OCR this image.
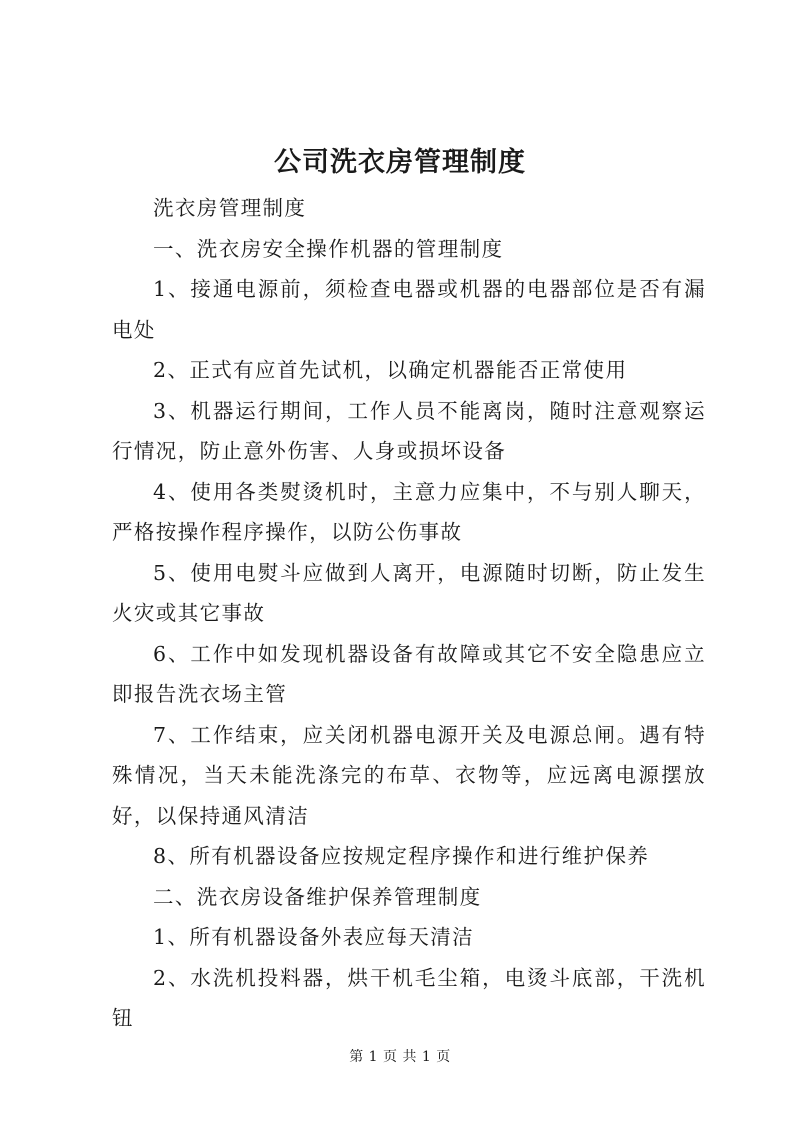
公司洗衣房管理制度

洗衣房管理制度

一、洗衣房安全操作机器的管理制度

1、接通电源前，须检查电器或机器的电器部位是否有漏电处

2、正式有应首先试机，以确定机器能否正常使用

3、机器运行期间，工作人员不能离岗，随时注意观察运行情况，防止意外伤害、人身或损坏设备

4、使用各类熨烫机时，主意力应集中，不与别人聊天，严格按操作程序操作，以防公伤事故

5、使用电熨斗应做到人离开，电源随时切断，防止发生火灾或其它事故

6、工作中如发现机器设备有故障或其它不安全隐患应立即报告洗衣场主管

7、工作结束，应关闭机器电源开关及电源总闸。遇有特殊情况，当天未能洗涤完的布草、衣物等，应远离电源摆放好，以保持通风清洁

8、所有机器设备应按规定程序操作和进行维护保养

二、洗衣房设备维护保养管理制度

1、所有机器设备外表应每天清洁

2、水洗机投料器，烘干机毛尘箱，电烫斗底部，干洗机钮

第 1 页 共 1 页
